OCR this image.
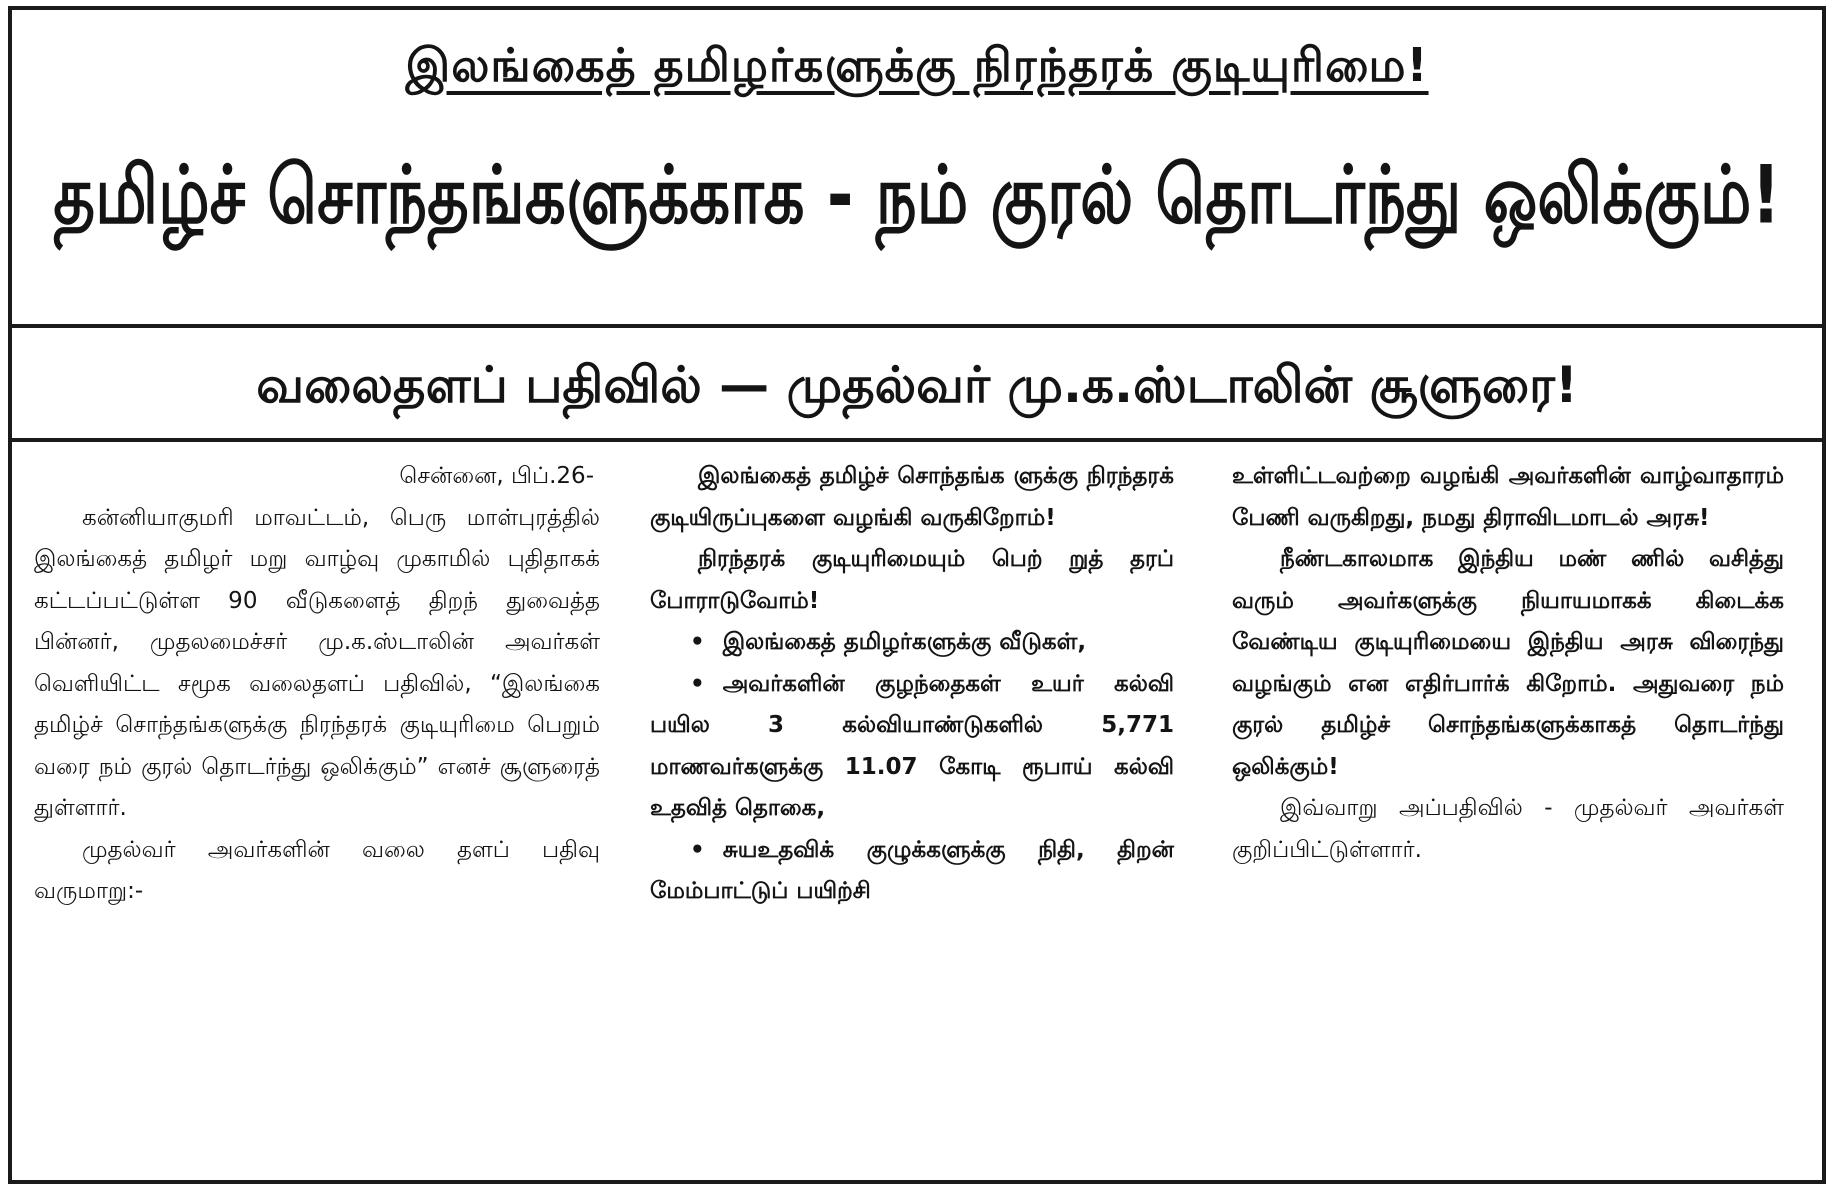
இலங்கைத் தமிழர்களுக்கு நிரந்தரக் குடியுரிமை!
தமிழ்ச் சொந்தங்களுக்காக - நம் குரல் தொடர்ந்து ஒலிக்கும்!
வலைதளப் பதிவில் — முதல்வர் மு.க.ஸ்டாலின் சூளுரை!

சென்னை, பிப்.26-

கன்னியாகுமரி மாவட்டம், பெரு மாள்புரத்தில் இலங்கைத் தமிழர் மறு வாழ்வு முகாமில் புதிதாகக் கட்டப்பட்டுள்ள 90 வீடுகளைத் திறந் துவைத்த பின்னர், முதலமைச்சர் மு.க.ஸ்டாலின் அவர்கள் வெளியிட்ட சமூக வலைதளப் பதிவில், “இலங்கை தமிழ்ச் சொந்தங்களுக்கு நிரந்தரக் குடியுரிமை பெறும் வரை நம் குரல் தொடர்ந்து ஒலிக்கும்” எனச் சூளுரைத் துள்ளார்.

முதல்வர் அவர்களின் வலை தளப் பதிவு வருமாறு:-

இலங்கைத் தமிழ்ச் சொந்தங்க ளுக்கு நிரந்தரக் குடியிருப்புகளை வழங்கி வருகிறோம்!

நிரந்தரக் குடியுரிமையும் பெற் றுத் தரப் போராடுவோம்!

• இலங்கைத் தமிழர்களுக்கு வீடுகள்,

• அவர்களின் குழந்தைகள் உயர் கல்வி பயில 3 கல்வியாண்டுகளில் 5,771 மாணவர்களுக்கு 11.07 கோடி ரூபாய் கல்வி உதவித் தொகை,

• சுயஉதவிக் குழுக்களுக்கு நிதி, திறன் மேம்பாட்டுப் பயிற்சி

உள்ளிட்டவற்றை வழங்கி அவர்களின் வாழ்வாதாரம் பேணி வருகிறது, நமது திராவிடமாடல் அரசு!

நீண்டகாலமாக இந்திய மண் ணில் வசித்து வரும் அவர்களுக்கு நியாயமாகக் கிடைக்க வேண்டிய குடியுரிமையை இந்திய அரசு விரைந்து வழங்கும் என எதிர்பார்க் கிறோம். அதுவரை நம் குரல் தமிழ்ச் சொந்தங்களுக்காகத் தொடர்ந்து ஒலிக்கும்!

இவ்வாறு அப்பதிவில் - முதல்வர் அவர்கள் குறிப்பிட்டுள்ளார்.
